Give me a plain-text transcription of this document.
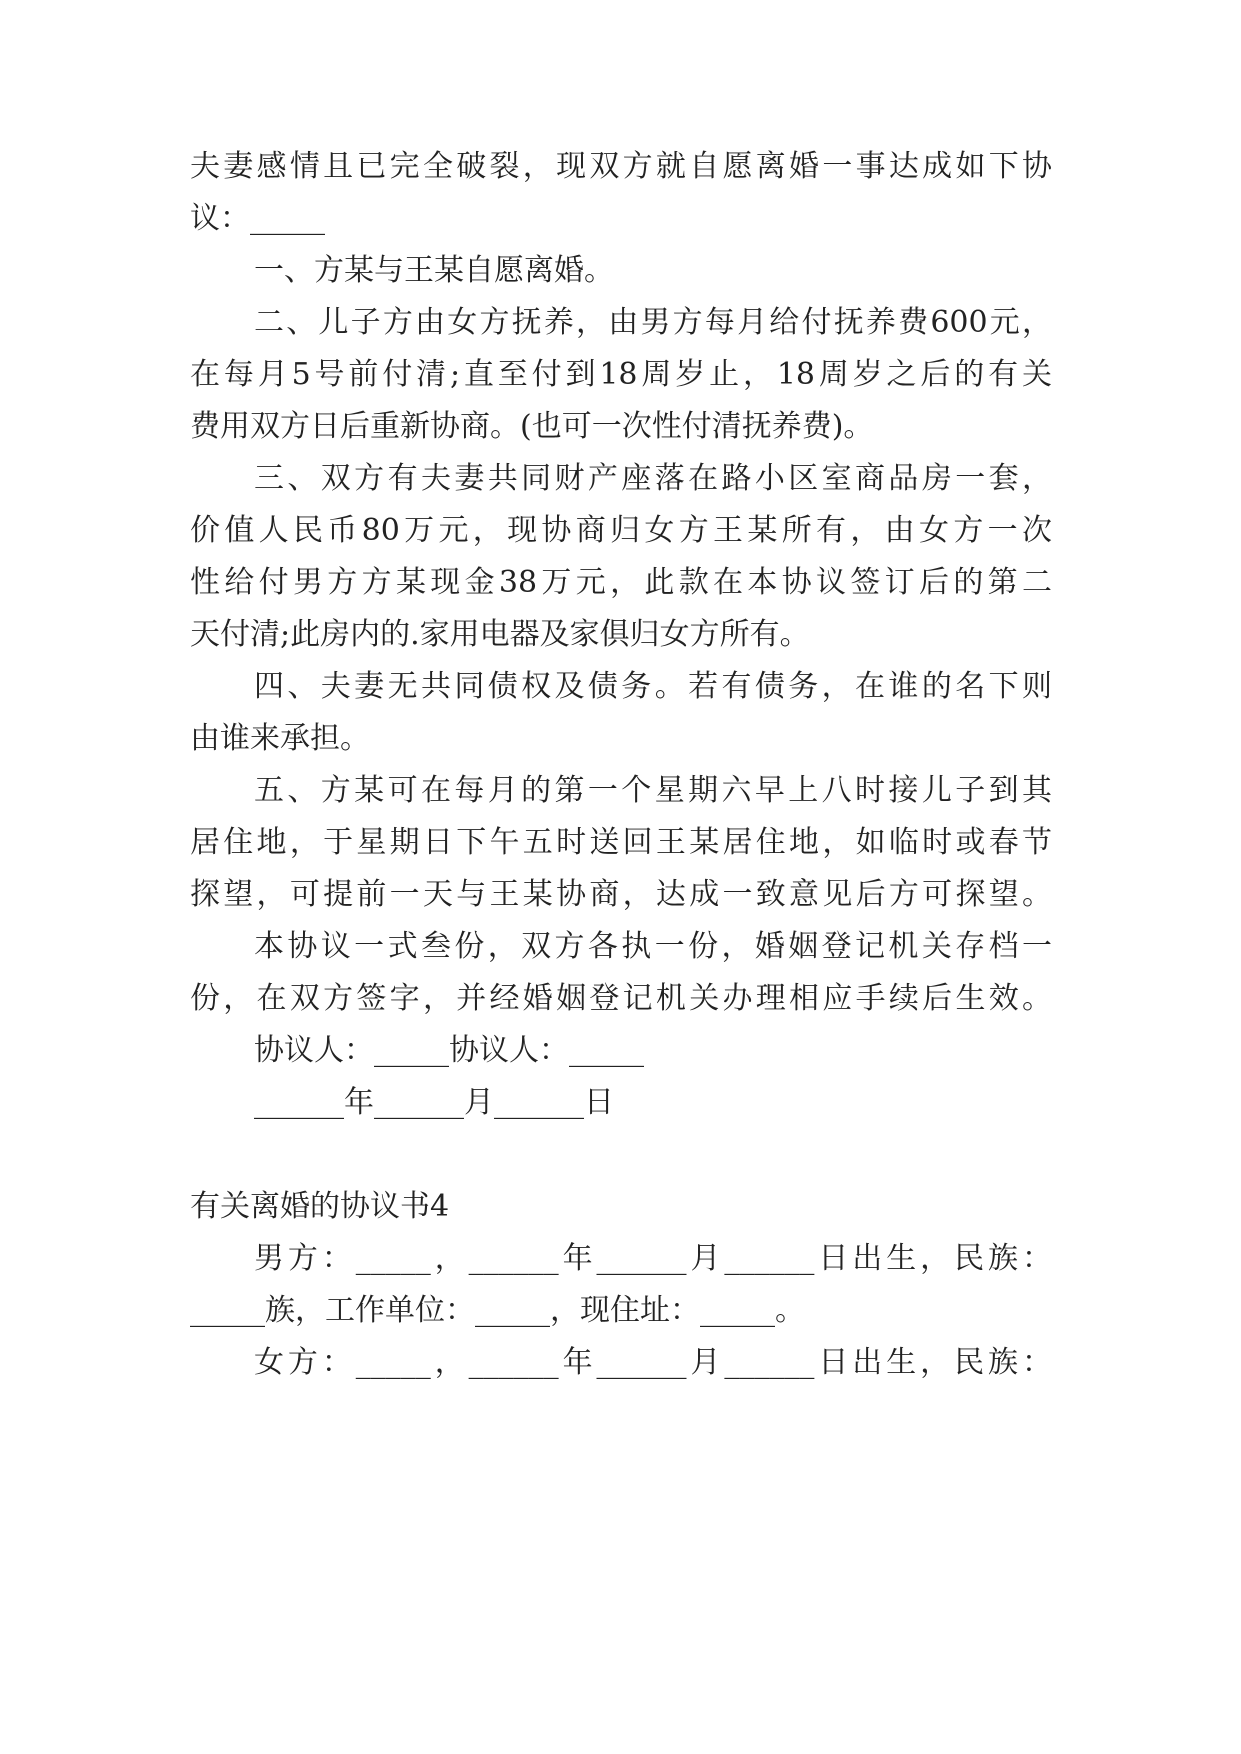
夫妻感情且已完全破裂，现双方就自愿离婚一事达成如下协
议：_____
一、方某与王某自愿离婚。
二、儿子方由女方抚养，由男方每月给付抚养费600元，
在每月5号前付清;直至付到18周岁止，18周岁之后的有关
费用双方日后重新协商。(也可一次性付清抚养费)。
三、双方有夫妻共同财产座落在路小区室商品房一套，
价值人民币80万元，现协商归女方王某所有，由女方一次
性给付男方方某现金38万元，此款在本协议签订后的第二
天付清;此房内的.家用电器及家俱归女方所有。
四、夫妻无共同债权及债务。若有债务，在谁的名下则
由谁来承担。
五、方某可在每月的第一个星期六早上八时接儿子到其
居住地，于星期日下午五时送回王某居住地，如临时或春节
探望，可提前一天与王某协商，达成一致意见后方可探望。
本协议一式叁份，双方各执一份，婚姻登记机关存档一
份，在双方签字，并经婚姻登记机关办理相应手续后生效。
协议人：_____协议人：_____
______年______月______日
有关离婚的协议书4
男方：_____，______年______月______日出生，民族：
_____族，工作单位：_____，现住址：_____。
女方：_____，______年______月______日出生，民族：
